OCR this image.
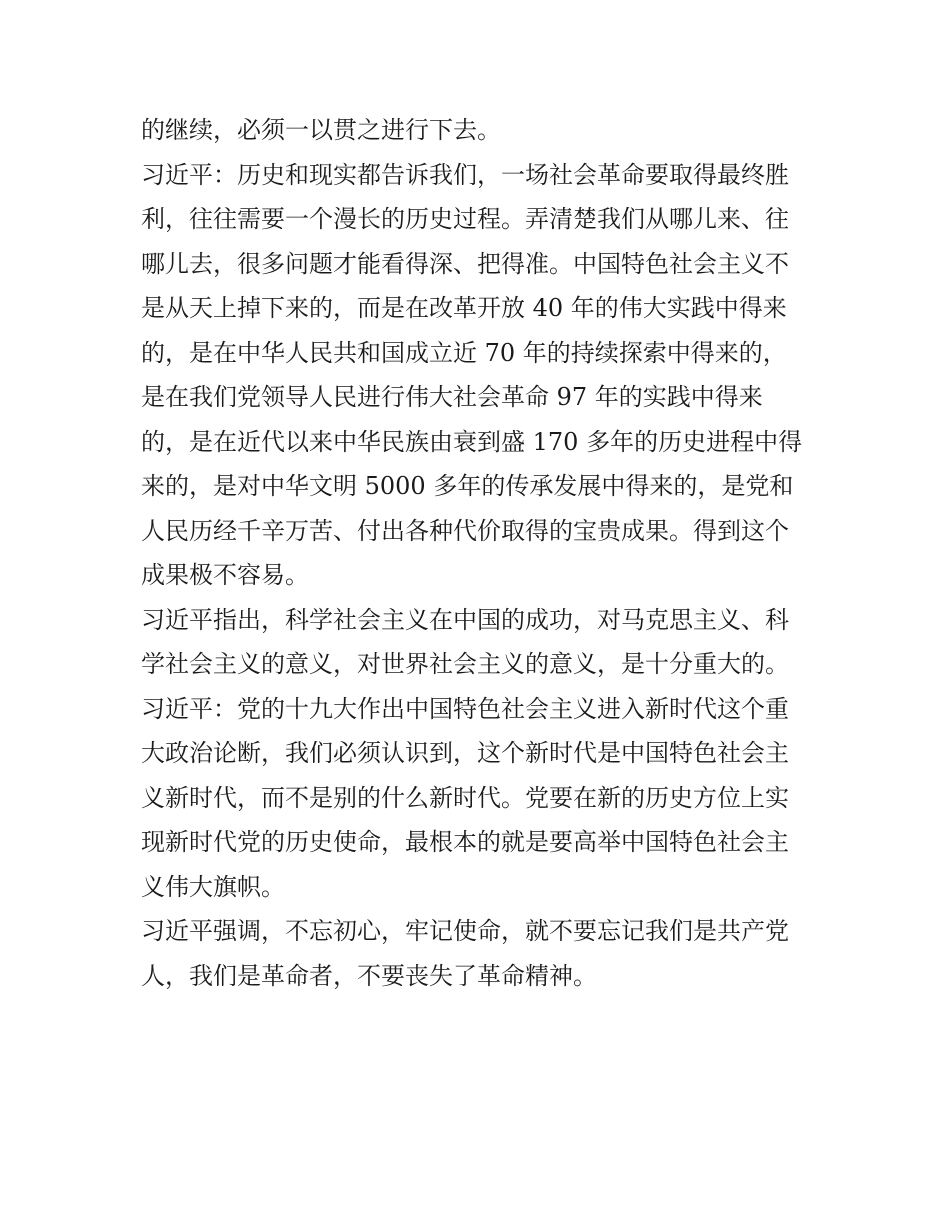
的继续，必须一以贯之进行下去。
习近平：历史和现实都告诉我们，一场社会革命要取得最终胜
利，往往需要一个漫长的历史过程。弄清楚我们从哪儿来、往
哪儿去，很多问题才能看得深、把得准。中国特色社会主义不
是从天上掉下来的，而是在改革开放 40 年的伟大实践中得来
的，是在中华人民共和国成立近 70 年的持续探索中得来的，
是在我们党领导人民进行伟大社会革命 97 年的实践中得来
的，是在近代以来中华民族由衰到盛 170 多年的历史进程中得
来的，是对中华文明 5000 多年的传承发展中得来的，是党和
人民历经千辛万苦、付出各种代价取得的宝贵成果。得到这个
成果极不容易。
习近平指出，科学社会主义在中国的成功，对马克思主义、科
学社会主义的意义，对世界社会主义的意义，是十分重大的。
习近平：党的十九大作出中国特色社会主义进入新时代这个重
大政治论断，我们必须认识到，这个新时代是中国特色社会主
义新时代，而不是别的什么新时代。党要在新的历史方位上实
现新时代党的历史使命，最根本的就是要高举中国特色社会主
义伟大旗帜。
习近平强调，不忘初心，牢记使命，就不要忘记我们是共产党
人，我们是革命者，不要丧失了革命精神。
